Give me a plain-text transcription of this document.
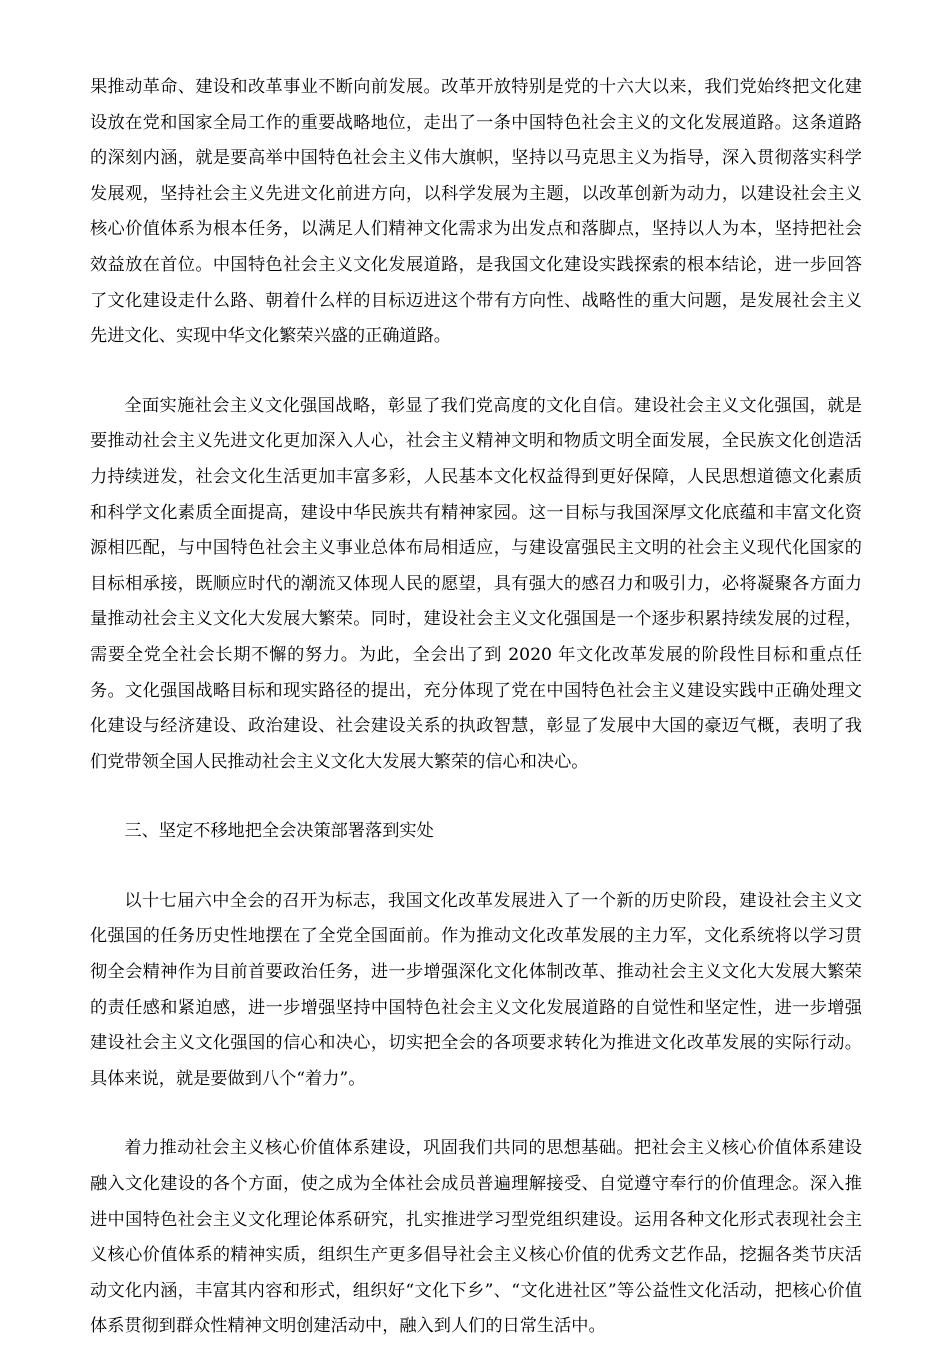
果推动革命、建设和改革事业不断向前发展。改革开放特别是党的十六大以来，我们党始终把文化建设放在党和国家全局工作的重要战略地位，走出了一条中国特色社会主义的文化发展道路。这条道路的深刻内涵，就是要高举中国特色社会主义伟大旗帜，坚持以马克思主义为指导，深入贯彻落实科学发展观，坚持社会主义先进文化前进方向，以科学发展为主题，以改革创新为动力，以建设社会主义核心价值体系为根本任务，以满足人们精神文化需求为出发点和落脚点，坚持以人为本，坚持把社会效益放在首位。中国特色社会主义文化发展道路，是我国文化建设实践探索的根本结论，进一步回答了文化建设走什么路、朝着什么样的目标迈进这个带有方向性、战略性的重大问题，是发展社会主义先进文化、实现中华文化繁荣兴盛的正确道路。

全面实施社会主义文化强国战略，彰显了我们党高度的文化自信。建设社会主义文化强国，就是要推动社会主义先进文化更加深入人心，社会主义精神文明和物质文明全面发展，全民族文化创造活力持续迸发，社会文化生活更加丰富多彩，人民基本文化权益得到更好保障，人民思想道德文化素质和科学文化素质全面提高，建设中华民族共有精神家园。这一目标与我国深厚文化底蕴和丰富文化资源相匹配，与中国特色社会主义事业总体布局相适应，与建设富强民主文明的社会主义现代化国家的目标相承接，既顺应时代的潮流又体现人民的愿望，具有强大的感召力和吸引力，必将凝聚各方面力量推动社会主义文化大发展大繁荣。同时，建设社会主义文化强国是一个逐步积累持续发展的过程，需要全党全社会长期不懈的努力。为此，全会出了到 2020 年文化改革发展的阶段性目标和重点任务。文化强国战略目标和现实路径的提出，充分体现了党在中国特色社会主义建设实践中正确处理文化建设与经济建设、政治建设、社会建设关系的执政智慧，彰显了发展中大国的豪迈气概，表明了我们党带领全国人民推动社会主义文化大发展大繁荣的信心和决心。

三、坚定不移地把全会决策部署落到实处

以十七届六中全会的召开为标志，我国文化改革发展进入了一个新的历史阶段，建设社会主义文化强国的任务历史性地摆在了全党全国面前。作为推动文化改革发展的主力军，文化系统将以学习贯彻全会精神作为目前首要政治任务，进一步增强深化文化体制改革、推动社会主义文化大发展大繁荣的责任感和紧迫感，进一步增强坚持中国特色社会主义文化发展道路的自觉性和坚定性，进一步增强建设社会主义文化强国的信心和决心，切实把全会的各项要求转化为推进文化改革发展的实际行动。具体来说，就是要做到八个“着力”。

着力推动社会主义核心价值体系建设，巩固我们共同的思想基础。把社会主义核心价值体系建设融入文化建设的各个方面，使之成为全体社会成员普遍理解接受、自觉遵守奉行的价值理念。深入推进中国特色社会主义文化理论体系研究，扎实推进学习型党组织建设。运用各种文化形式表现社会主义核心价值体系的精神实质，组织生产更多倡导社会主义核心价值的优秀文艺作品，挖掘各类节庆活动文化内涵，丰富其内容和形式，组织好“文化下乡”、“文化进社区”等公益性文化活动，把核心价值体系贯彻到群众性精神文明创建活动中，融入到人们的日常生活中。
